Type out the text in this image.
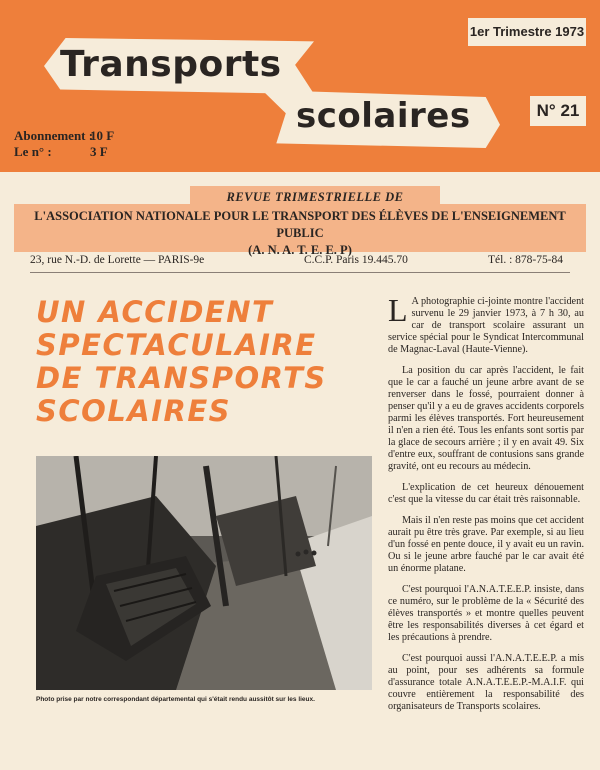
Transports
scolaires
1er Trimestre 1973
N° 21
Abonnement :
10 F
Le n° :	3 F
REVUE TRIMESTRIELLE DE
L'ASSOCIATION NATIONALE POUR LE TRANSPORT DES ÉLÈVES DE L'ENSEIGNEMENT PUBLIC
(A. N. A. T. E. E. P)
23, rue N.-D. de Lorette — PARIS-9e	C.C.P. Paris 19.445.70	Tél. : 878-75-84
UN ACCIDENT
SPECTACULAIRE
DE TRANSPORTS
SCOLAIRES
Photo prise par notre correspondant départemental qui s'était rendu aussitôt sur les lieux.

L A photographie ci-jointe montre l'accident survenu le 29 janvier 1973, à 7 h 30, au car de transport scolaire assurant un service spécial pour le Syndicat Intercommunal de Magnac-Laval (Haute-Vienne).

La position du car après l'accident, le fait que le car a fauché un jeune arbre avant de se renverser dans le fossé, pourraient donner à penser qu'il y a eu de graves accidents corporels parmi les élèves transportés. Fort heureusement il n'en a rien été. Tous les enfants sont sortis par la glace de secours arrière ; il y en avait 49. Six d'entre eux, souffrant de contusions sans grande gravité, ont eu recours au médecin.

L'explication de cet heureux dénouement c'est que la vitesse du car était très raisonnable.

Mais il n'en reste pas moins que cet accident aurait pu être très grave. Par exemple, si au lieu d'un fossé en pente douce, il y avait eu un ravin. Ou si le jeune arbre fauché par le car avait été un énorme platane.

C'est pourquoi l'A.N.A.T.E.E.P. insiste, dans ce numéro, sur le problème de la « Sécurité des élèves transportés » et montre quelles peuvent être les responsabilités diverses à cet égard et les précautions à prendre.

C'est pourquoi aussi l'A.N.A.T.E.E.P. a mis au point, pour ses adhérents sa formule d'assurance totale A.N.A.T.E.E.P.-M.A.I.F. qui couvre entièrement la responsabilité des organisateurs de Transports scolaires.
